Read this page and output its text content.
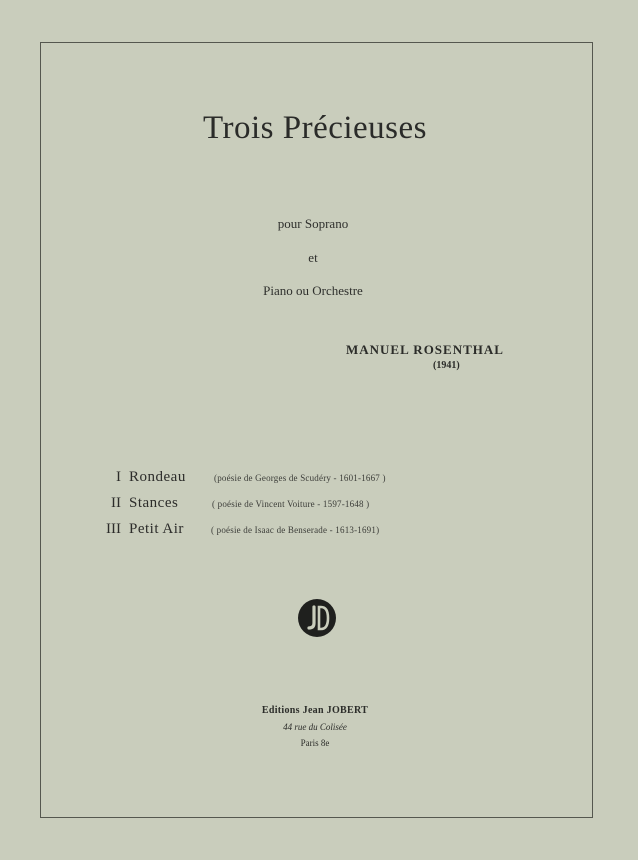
Trois Précieuses
pour Soprano
et
Piano ou Orchestre
MANUEL ROSENTHAL
(1941)
I Rondeau	(poésie de Georges de Scudéry - 1601-1667 )
II Stances	( poésie de Vincent Voiture - 1597-1648 )
III Petit Air	( poésie de Isaac de Benserade - 1613-1691)
Editions Jean JOBERT
44 rue du Colisée
Paris 8e
